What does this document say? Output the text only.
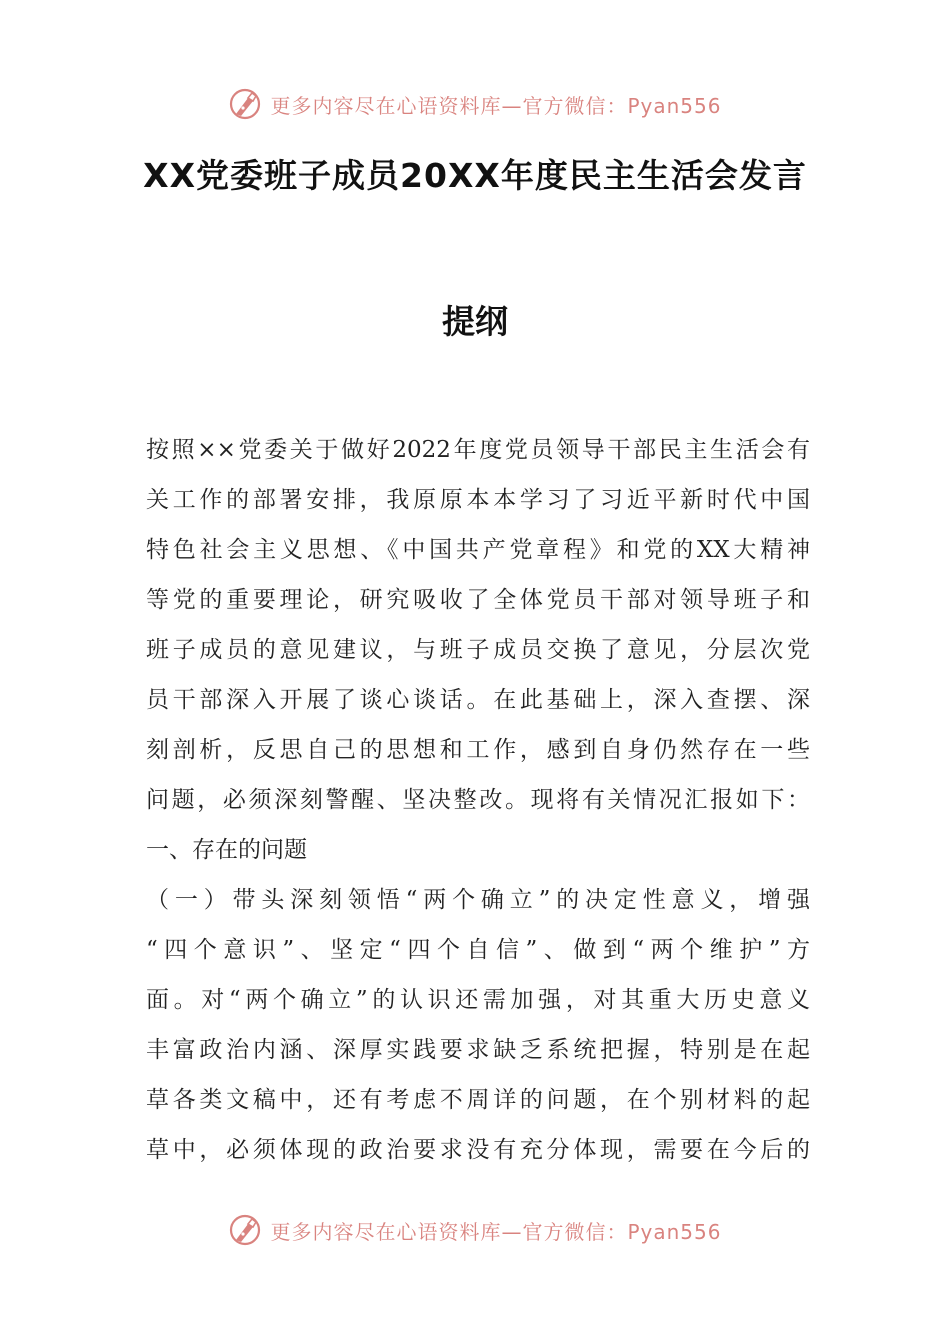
更多内容尽在心语资料库—官方微信：Pyan556
XX党委班子成员20XX年度民主生活会发言
提纲
按照××党委关于做好2022年度党员领导干部民主生活会有
关工作的部署安排，我原原本本学习了习近平新时代中国
特色社会主义思想、《中国共产党章程》和党的XX大精神
等党的重要理论，研究吸收了全体党员干部对领导班子和
班子成员的意见建议，与班子成员交换了意见，分层次党
员干部深入开展了谈心谈话。在此基础上，深入查摆、深
刻剖析，反思自己的思想和工作，感到自身仍然存在一些
问题，必须深刻警醒、坚决整改。现将有关情况汇报如下：
一、存在的问题
（一）带头深刻领悟“两个确立”的决定性意义，增强
“四个意识”、坚定“四个自信”、做到“两个维护”方
面。对“两个确立”的认识还需加强，对其重大历史意义
丰富政治内涵、深厚实践要求缺乏系统把握，特别是在起
草各类文稿中，还有考虑不周详的问题，在个别材料的起
草中，必须体现的政治要求没有充分体现，需要在今后的
更多内容尽在心语资料库—官方微信：Pyan556
